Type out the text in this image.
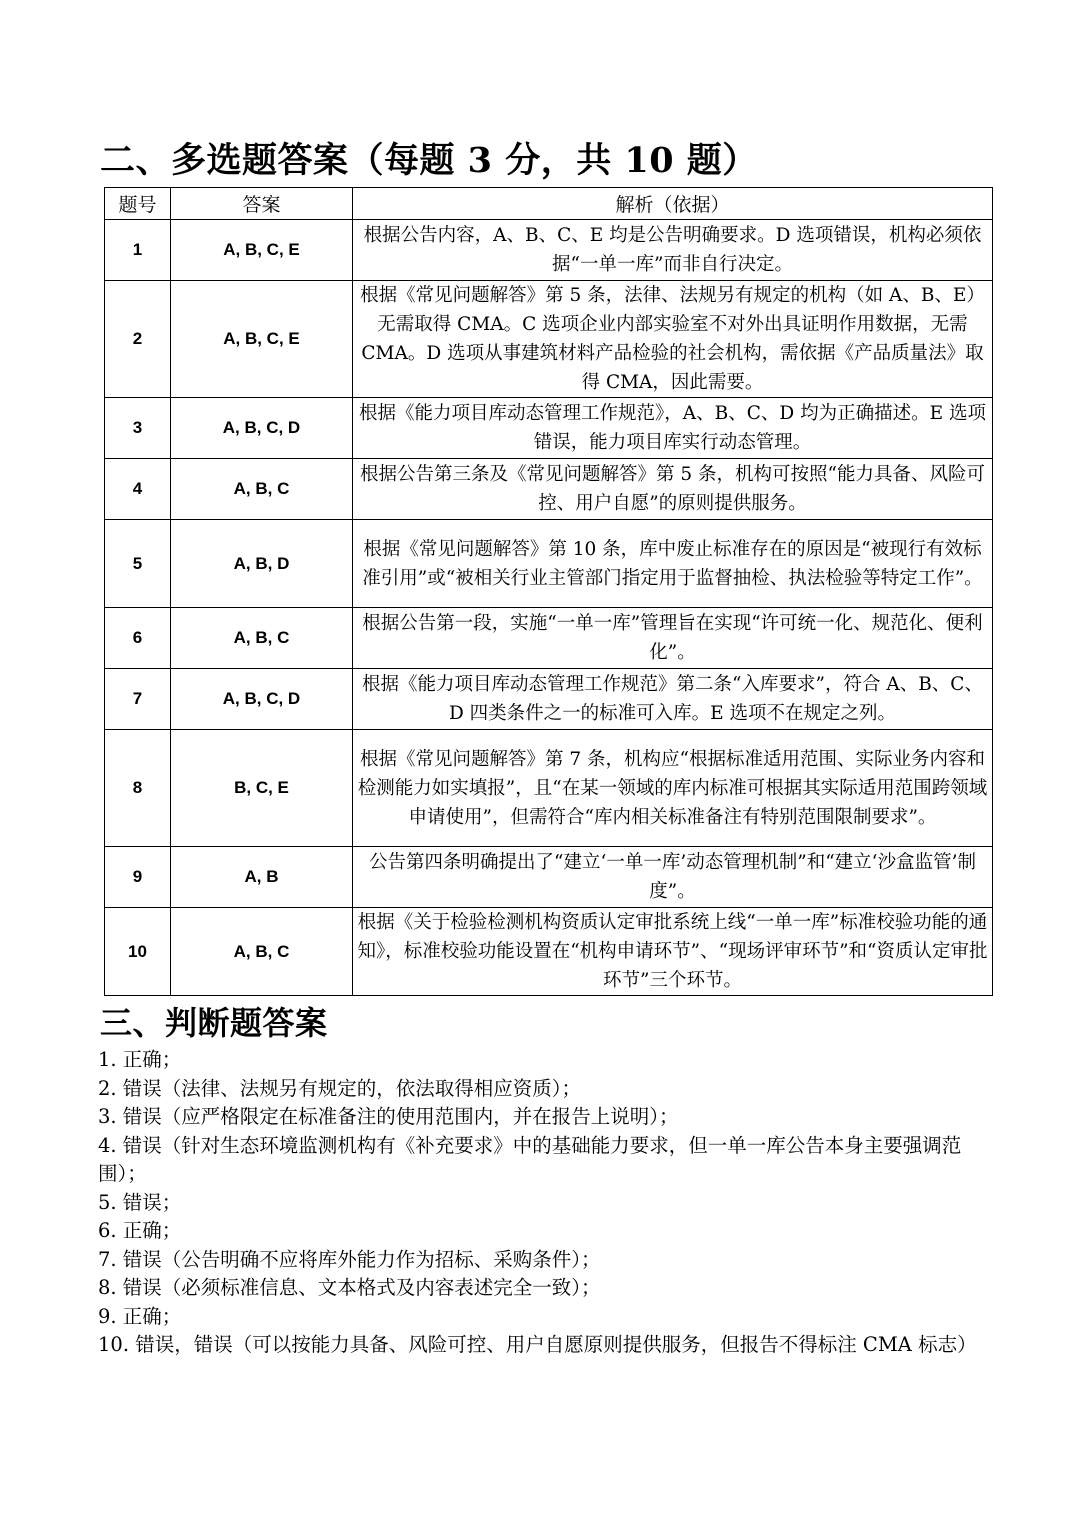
二、多选题答案（每题 3 分，共 10 题）
题号	答案	解析（依据）
1	A, B, C, E	根据公告内容，A、B、C、E 均是公告明确要求。D 选项错误，机构必须依据“一单一库”而非自行决定。
2	A, B, C, E	根据《常见问题解答》第 5 条，法律、法规另有规定的机构（如 A、B、E）无需取得 CMA。C 选项企业内部实验室不对外出具证明作用数据，无需 CMA。D 选项从事建筑材料产品检验的社会机构，需依据《产品质量法》取得 CMA，因此需要。
3	A, B, C, D	根据《能力项目库动态管理工作规范》，A、B、C、D 均为正确描述。E 选项错误，能力项目库实行动态管理。
4	A, B, C	根据公告第三条及《常见问题解答》第 5 条，机构可按照“能力具备、风险可控、用户自愿”的原则提供服务。
5	A, B, D	根据《常见问题解答》第 10 条，库中废止标准存在的原因是“被现行有效标准引用”或“被相关行业主管部门指定用于监督抽检、执法检验等特定工作”。
6	A, B, C	根据公告第一段，实施“一单一库”管理旨在实现“许可统一化、规范化、便利化”。
7	A, B, C, D	根据《能力项目库动态管理工作规范》第二条“入库要求”，符合 A、B、C、D 四类条件之一的标准可入库。E 选项不在规定之列。
8	B, C, E	根据《常见问题解答》第 7 条，机构应“根据标准适用范围、实际业务内容和检测能力如实填报”，且“在某一领域的库内标准可根据其实际适用范围跨领域申请使用”，但需符合“库内相关标准备注有特别范围限制要求”。
9	A, B	公告第四条明确提出了“建立‘一单一库’动态管理机制”和“建立‘沙盒监管’制度”。
10	A, B, C	根据《关于检验检测机构资质认定审批系统上线“一单一库”标准校验功能的通知》，标准校验功能设置在“机构申请环节”、“现场评审环节”和“资质认定审批环节”三个环节。
三、判断题答案
1. 正确；
2. 错误（法律、法规另有规定的，依法取得相应资质）；
3. 错误（应严格限定在标准备注的使用范围内，并在报告上说明）；
4. 错误（针对生态环境监测机构有《补充要求》中的基础能力要求，但一单一库公告本身主要强调范围）；
5. 错误；
6. 正确；
7. 错误（公告明确不应将库外能力作为招标、采购条件）；
8. 错误（必须标准信息、文本格式及内容表述完全一致）；
9. 正确；
10. 错误，错误（可以按能力具备、风险可控、用户自愿原则提供服务，但报告不得标注 CMA 标志）
